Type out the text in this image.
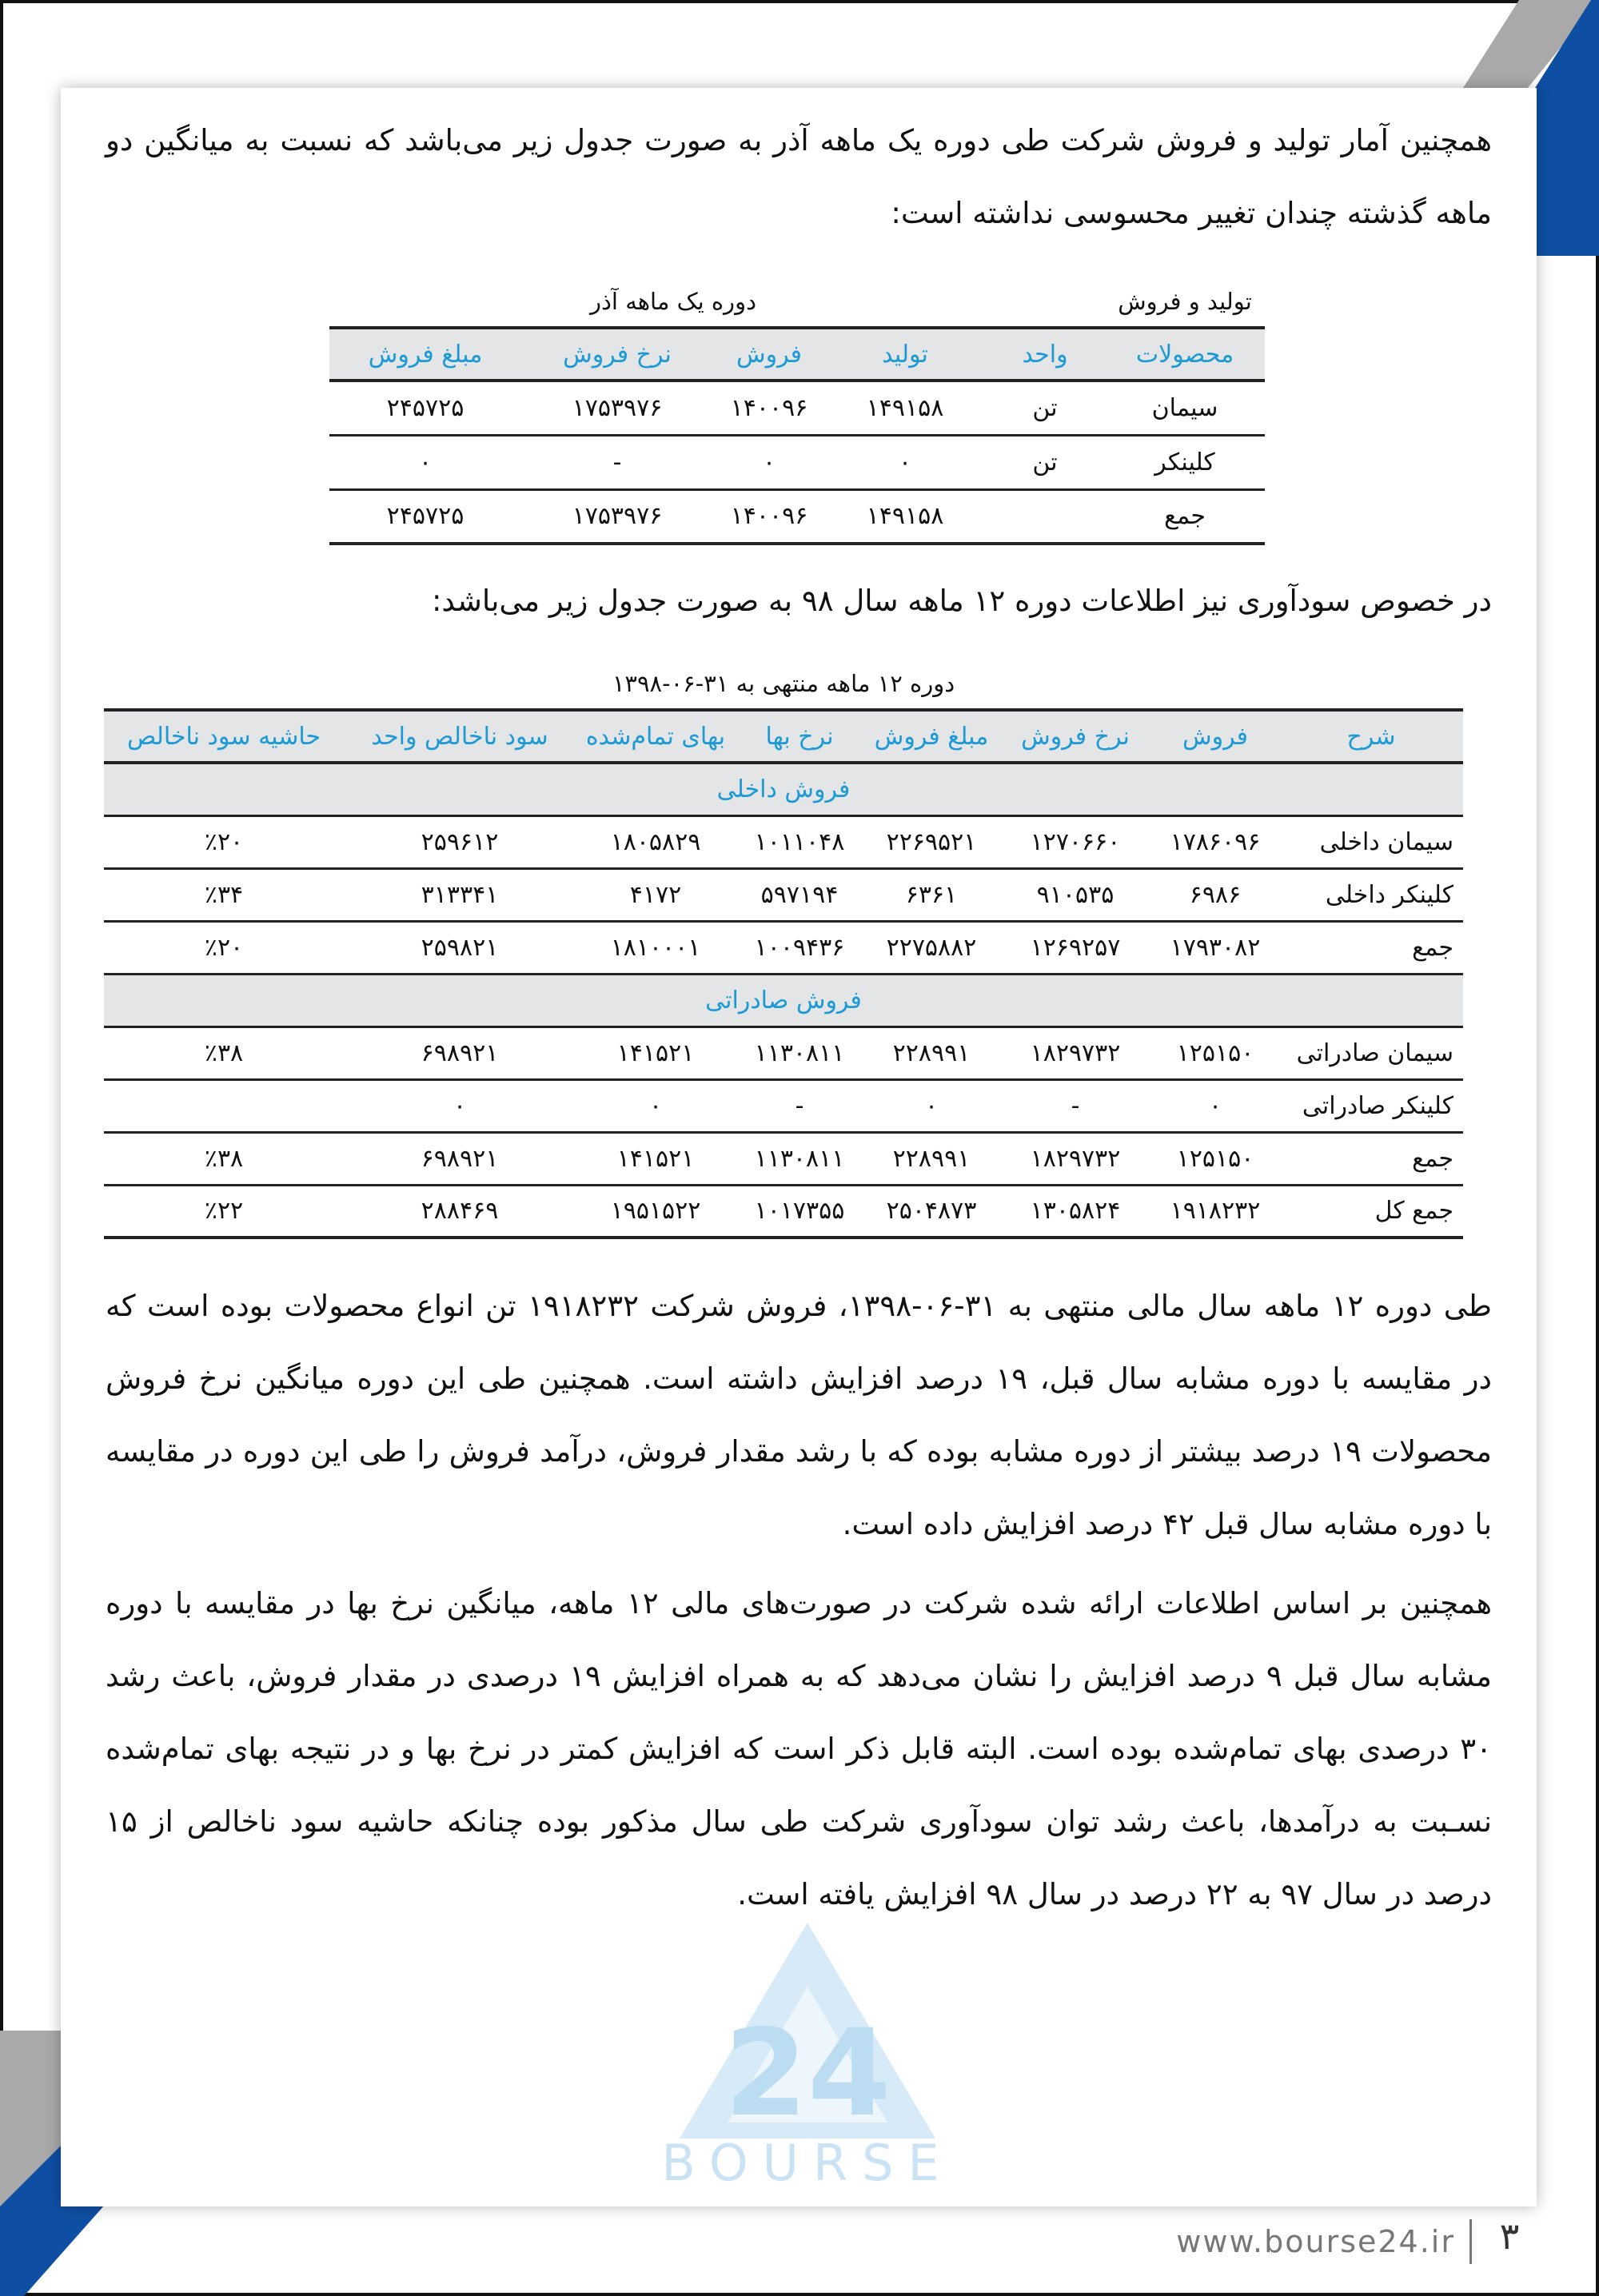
همچنین آمار تولید و فروش شرکت طی دوره یک ماهه آذر به صورت جدول زیر می‌باشد که نسبت به میانگین دو ماهه گذشته چندان تغییر محسوسی نداشته است:

تولید و فروش			دوره یک ماهه آذر		
محصولات	واحد	تولید	فروش	نرخ فروش	مبلغ فروش
سیمان	تن	۱۴۹۱۵۸	۱۴۰۰۹۶	۱۷۵۳۹۷۶	۲۴۵۷۲۵
کلینکر	تن	۰	۰	-	۰
جمع		۱۴۹۱۵۸	۱۴۰۰۹۶	۱۷۵۳۹۷۶	۲۴۵۷۲۵

در خصوص سودآوری نیز اطلاعات دوره ۱۲ ماهه سال ۹۸ به صورت جدول زیر می‌باشد:

دوره ۱۲ ماهه منتهی به ۳۱-۰۶-۱۳۹۸							
شرح	فروش	نرخ فروش	مبلغ فروش	نرخ بها	بهای تمام‌شده	سود ناخالص واحد	حاشیه سود ناخالص
فروش داخلی							
سیمان داخلی	۱۷۸۶۰۹۶	۱۲۷۰۶۶۰	۲۲۶۹۵۲۱	۱۰۱۱۰۴۸	۱۸۰۵۸۲۹	۲۵۹۶۱۲	٪۲۰
کلینکر داخلی	۶۹۸۶	۹۱۰۵۳۵	۶۳۶۱	۵۹۷۱۹۴	۴۱۷۲	۳۱۳۳۴۱	٪۳۴
جمع	۱۷۹۳۰۸۲	۱۲۶۹۲۵۷	۲۲۷۵۸۸۲	۱۰۰۹۴۳۶	۱۸۱۰۰۰۱	۲۵۹۸۲۱	٪۲۰
فروش صادراتی							
سیمان صادراتی	۱۲۵۱۵۰	۱۸۲۹۷۳۲	۲۲۸۹۹۱	۱۱۳۰۸۱۱	۱۴۱۵۲۱	۶۹۸۹۲۱	٪۳۸
کلینکر صادراتی	۰	-	۰	-	۰	۰	
جمع	۱۲۵۱۵۰	۱۸۲۹۷۳۲	۲۲۸۹۹۱	۱۱۳۰۸۱۱	۱۴۱۵۲۱	۶۹۸۹۲۱	٪۳۸
جمع کل	۱۹۱۸۲۳۲	۱۳۰۵۸۲۴	۲۵۰۴۸۷۳	۱۰۱۷۳۵۵	۱۹۵۱۵۲۲	۲۸۸۴۶۹	٪۲۲

طی دوره ۱۲ ماهه سال مالی منتهی به ۳۱-۰۶-۱۳۹۸، فروش شرکت ۱۹۱۸۲۳۲ تن انواع محصولات بوده است که در مقایسه با دوره مشابه سال قبل، ۱۹ درصد افزایش داشته است. همچنین طی این دوره میانگین نرخ فروش محصولات ۱۹ درصد بیشتر از دوره مشابه بوده که با رشد مقدار فروش، درآمد فروش را طی این دوره در مقایسه با دوره مشابه سال قبل ۴۲ درصد افزایش داده است.

همچنین بر اساس اطلاعات ارائه شده شرکت در صورت‌های مالی ۱۲ ماهه، میانگین نرخ بها در مقایسه با دوره مشابه سال قبل ۹ درصد افزایش را نشان می‌دهد که به همراه افزایش ۱۹ درصدی در مقدار فروش، باعث رشد ۳۰ درصدی بهای تمام‌شده بوده است. البته قابل ذکر است که افزایش کمتر در نرخ بها و در نتیجه بهای تمام‌شده نسـبت به درآمدها، باعث رشد توان سودآوری شرکت طی سال مذکور بوده چنانکه حاشیه سود ناخالص از ۱۵ درصد در سال ۹۷ به ۲۲ درصد در سال ۹۸ افزایش یافته است.

24
BOURSE
www.bourse24.ir	۳
